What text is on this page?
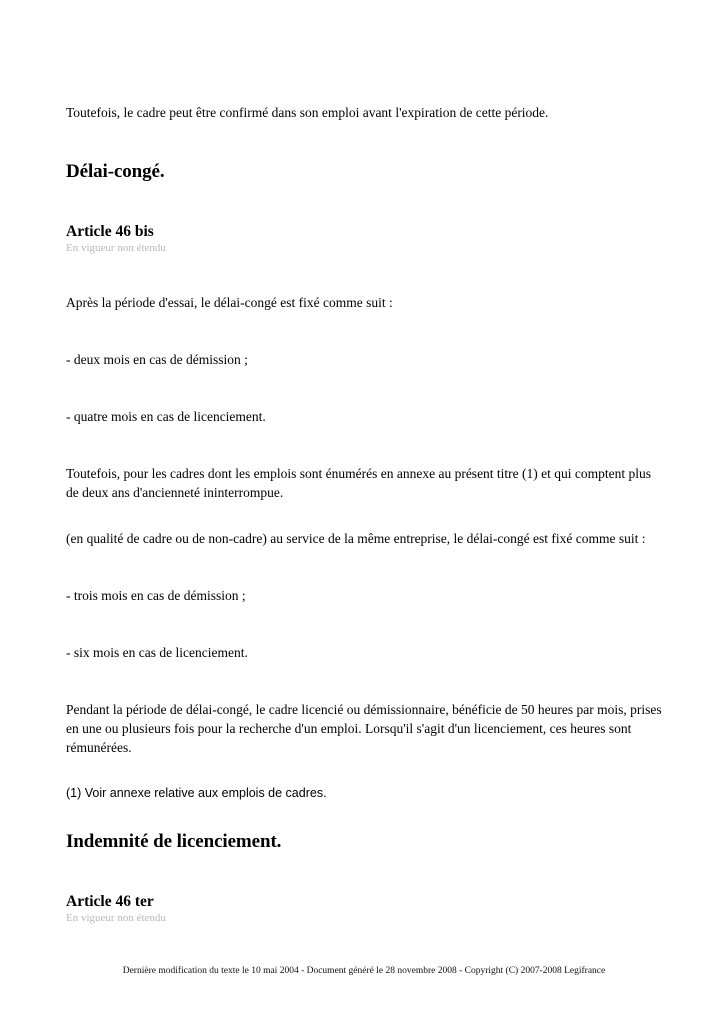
Toutefois, le cadre peut être confirmé dans son emploi avant l'expiration de cette période.

Délai-congé.
Article 46 bis

En vigueur non étendu

Après la période d'essai, le délai-congé est fixé comme suit :

- deux mois en cas de démission ;

- quatre mois en cas de licenciement.

Toutefois, pour les cadres dont les emplois sont énumérés en annexe au présent titre (1) et qui comptent plus de deux ans d'ancienneté ininterrompue.

(en qualité de cadre ou de non-cadre) au service de la même entreprise, le délai-congé est fixé comme suit :

- trois mois en cas de démission ;

- six mois en cas de licenciement.

Pendant la période de délai-congé, le cadre licencié ou démissionnaire, bénéficie de 50 heures par mois, prises en une ou plusieurs fois pour la recherche d'un emploi. Lorsqu'il s'agit d'un licenciement, ces heures sont rémunérées.

(1) Voir annexe relative aux emplois de cadres.

Indemnité de licenciement.
Article 46 ter

En vigueur non étendu

Dernière modification du texte le 10 mai 2004 - Document généré le 28 novembre 2008 - Copyright (C) 2007-2008 Legifrance
